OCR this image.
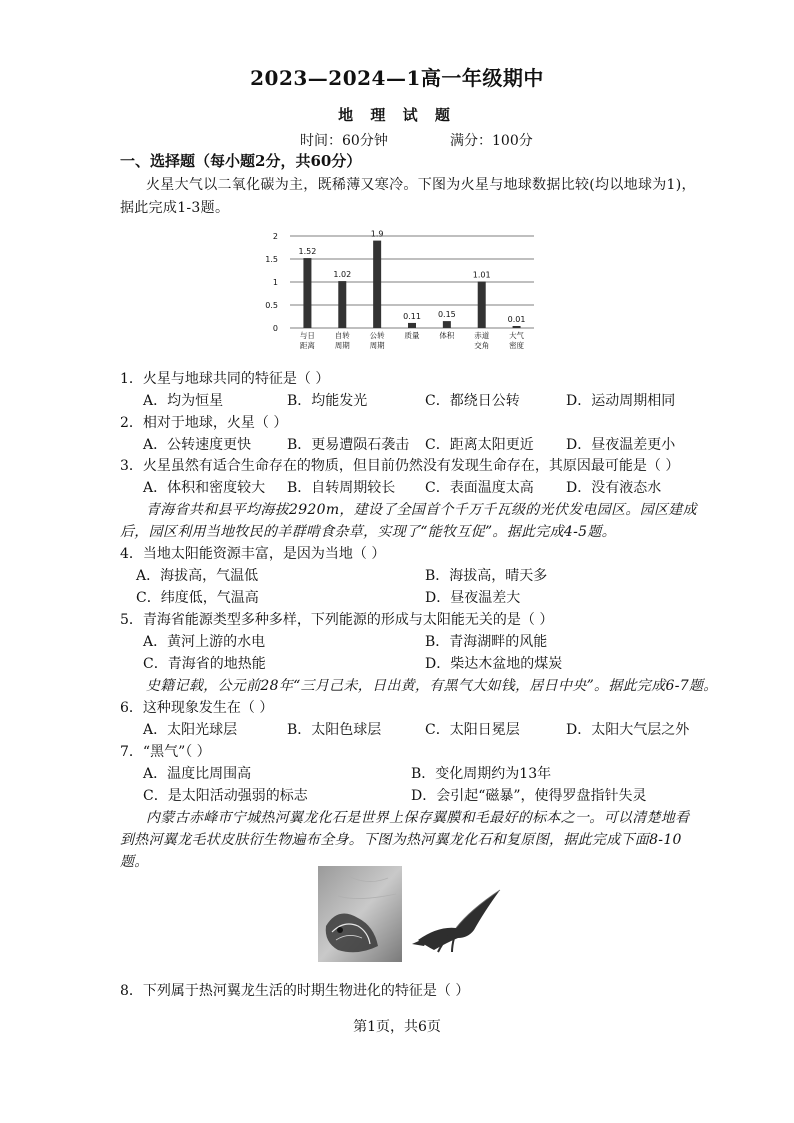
2023—2024—1高一年级期中
地 理 试 题
时间：60分钟	满分：100分
一、选择题（每小题2分，共60分）
火星大气以二氧化碳为主，既稀薄又寒冷。下图为火星与地球数据比较(均以地球为1)，
据此完成1-3题。
2
1.5
1
0.5
0
1.52
与日
距离
1.02
自转
周期
1.9
公转
周期
0.11
质量
0.15
体积
1.01
赤道
交角
0.01
大气
密度
1．火星与地球共同的特征是（ ）
A．均为恒星	B．均能发光	C．都绕日公转	D．运动周期相同
2．相对于地球，火星（ ）
A．公转速度更快	B．更易遭陨石袭击 C．距离太阳更近 D．昼夜温差更小
3．火星虽然有适合生命存在的物质，但目前仍然没有发现生命存在，其原因最可能是（ ）
A．体积和密度较大 B．自转周期较长 C．表面温度太高 D．没有液态水
青海省共和县平均海拔2920m，建设了全国首个千万千瓦级的光伏发电园区。园区建成
后，园区利用当地牧民的羊群啃食杂草，实现了“能牧互促”。据此完成4-5题。
4．当地太阳能资源丰富，是因为当地（ ）
A．海拔高，气温低	B．海拔高，晴天多
C．纬度低，气温高	D．昼夜温差大
5．青海省能源类型多种多样，下列能源的形成与太阳能无关的是（ ）
A．黄河上游的水电	B．青海湖畔的风能
C．青海省的地热能	D．柴达木盆地的煤炭
史籍记载，公元前28年“三月己未，日出黄，有黑气大如钱，居日中央”。据此完成6-7题。
6．这种现象发生在（ ）
A．太阳光球层	B．太阳色球层	C．太阳日冕层	D．太阳大气层之外
7．“黑气”（ ）
A．温度比周围高	B．变化周期约为13年
C．是太阳活动强弱的标志	D．会引起“磁暴”，使得罗盘指针失灵
内蒙古赤峰市宁城热河翼龙化石是世界上保存翼膜和毛最好的标本之一。可以清楚地看
到热河翼龙毛状皮肤衍生物遍布全身。下图为热河翼龙化石和复原图，据此完成下面8-10
题。
8．下列属于热河翼龙生活的时期生物进化的特征是（ ）
第1页，共6页
